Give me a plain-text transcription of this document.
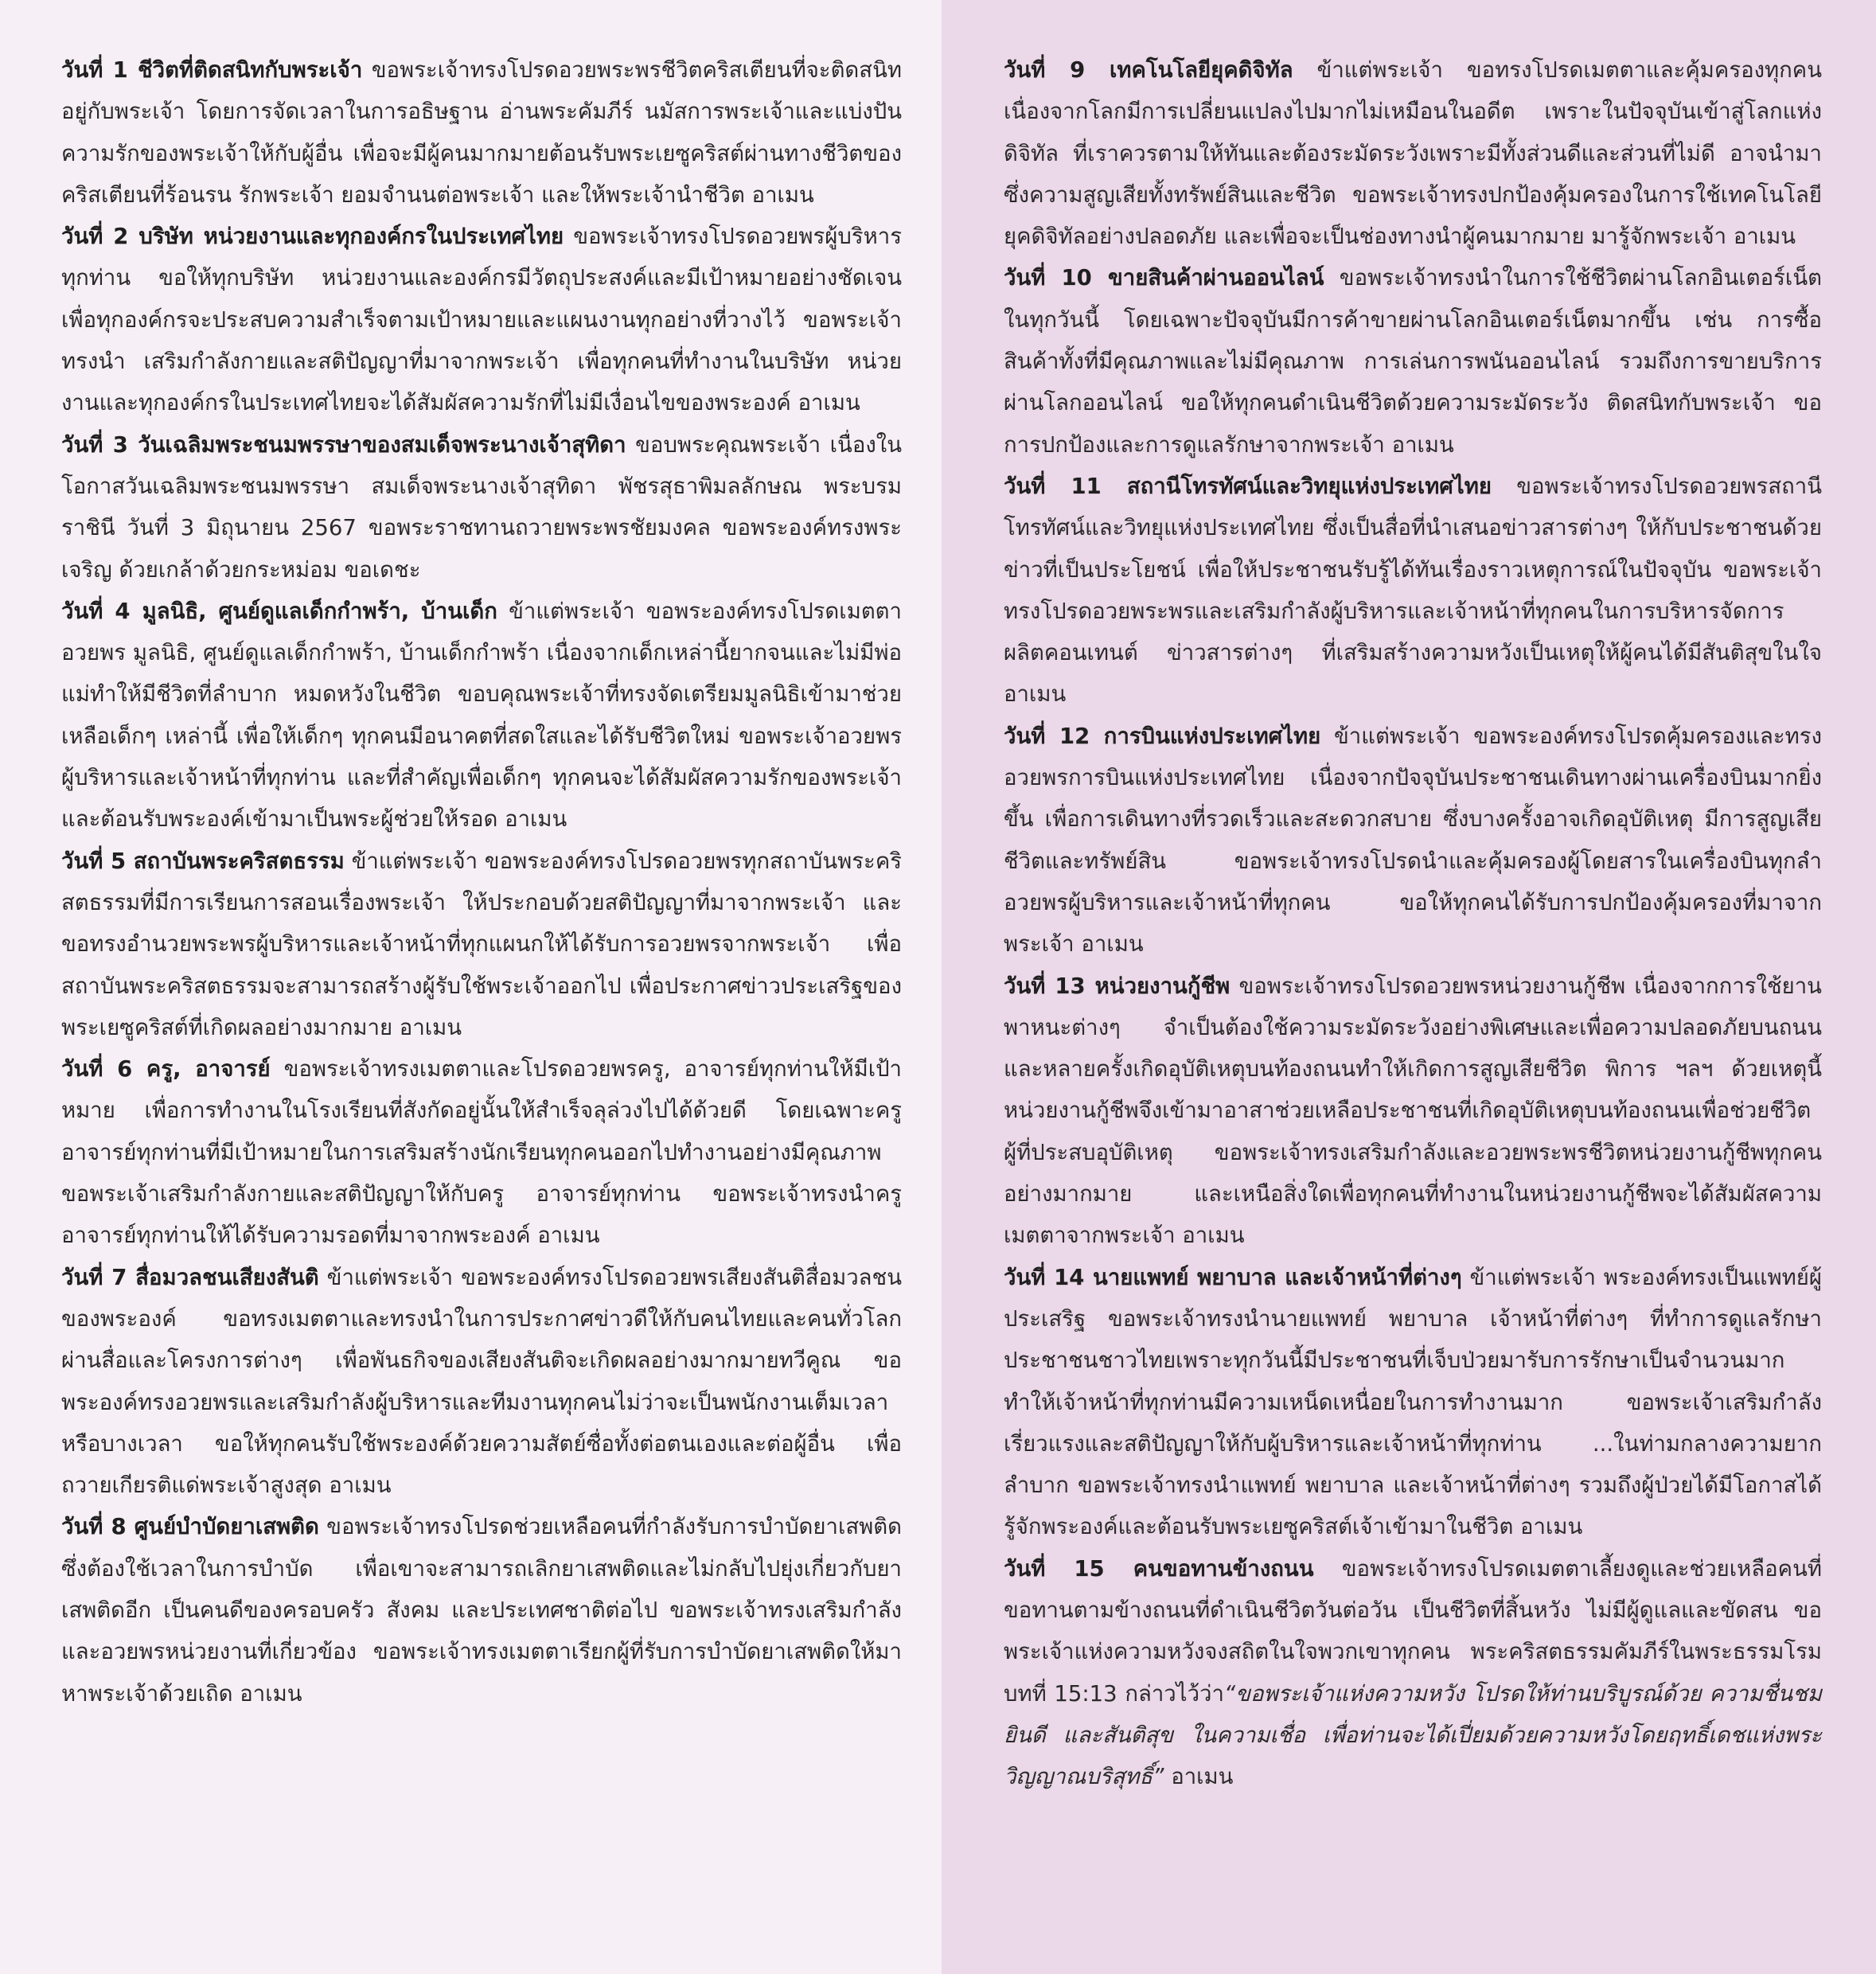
วันที่ 1 ชีวิตที่ติดสนิทกับพระเจ้า ขอพระเจ้าทรงโปรดอวยพระพรชีวิตคริสเตียนที่จะติดสนิทอยู่กับพระเจ้า โดยการจัดเวลาในการอธิษฐาน อ่านพระคัมภีร์ นมัสการพระเจ้าและแบ่งปันความรักของพระเจ้าให้กับผู้อื่น เพื่อจะมีผู้คนมากมายต้อนรับพระเยซูคริสต์ผ่านทางชีวิตของคริสเตียนที่ร้อนรน รักพระเจ้า ยอมจำนนต่อพระเจ้า และให้พระเจ้านำชีวิต อาเมน

วันที่ 2 บริษัท หน่วยงานและทุกองค์กรในประเทศไทย ขอพระเจ้าทรงโปรดอวยพรผู้บริหารทุกท่าน ขอให้ทุกบริษัท หน่วยงานและองค์กรมีวัตถุประสงค์และมีเป้าหมายอย่างชัดเจน เพื่อทุกองค์กรจะประสบความสำเร็จตามเป้าหมายและแผนงานทุกอย่างที่วางไว้ ขอพระเจ้าทรงนำ เสริมกำลังกายและสติปัญญาที่มาจากพระเจ้า เพื่อทุกคนที่ทำงานในบริษัท หน่วยงานและทุกองค์กรในประเทศไทยจะได้สัมผัสความรักที่ไม่มีเงื่อนไขของพระองค์ อาเมน

วันที่ 3 วันเฉลิมพระชนมพรรษาของสมเด็จพระนางเจ้าสุทิดา ขอบพระคุณพระเจ้า เนื่องในโอกาสวันเฉลิมพระชนมพรรษา สมเด็จพระนางเจ้าสุทิดา พัชรสุธาพิมลลักษณ พระบรมราชินี วันที่ 3 มิถุนายน 2567 ขอพระราชทานถวายพระพรชัยมงคล ขอพระองค์ทรงพระเจริญ ด้วยเกล้าด้วยกระหม่อม ขอเดชะ

วันที่ 4 มูลนิธิ, ศูนย์ดูแลเด็กกำพร้า, บ้านเด็ก ข้าแต่พระเจ้า ขอพระองค์ทรงโปรดเมตตาอวยพร มูลนิธิ, ศูนย์ดูแลเด็กกำพร้า, บ้านเด็กกำพร้า เนื่องจากเด็กเหล่านี้ยากจนและไม่มีพ่อแม่ทำให้มีชีวิตที่ลำบาก หมดหวังในชีวิต ขอบคุณพระเจ้าที่ทรงจัดเตรียมมูลนิธิเข้ามาช่วยเหลือเด็กๆ เหล่านี้ เพื่อให้เด็กๆ ทุกคนมีอนาคตที่สดใสและได้รับชีวิตใหม่ ขอพระเจ้าอวยพรผู้บริหารและเจ้าหน้าที่ทุกท่าน และที่สำคัญเพื่อเด็กๆ ทุกคนจะได้สัมผัสความรักของพระเจ้าและต้อนรับพระองค์เข้ามาเป็นพระผู้ช่วยให้รอด อาเมน

วันที่ 5 สถาบันพระคริสตธรรม ข้าแต่พระเจ้า ขอพระองค์ทรงโปรดอวยพรทุกสถาบันพระคริสตธรรมที่มีการเรียนการสอนเรื่องพระเจ้า ให้ประกอบด้วยสติปัญญาที่มาจากพระเจ้า และขอทรงอำนวยพระพรผู้บริหารและเจ้าหน้าที่ทุกแผนกให้ได้รับการอวยพรจากพระเจ้า เพื่อสถาบันพระคริสตธรรมจะสามารถสร้างผู้รับใช้พระเจ้าออกไป เพื่อประกาศข่าวประเสริฐของพระเยซูคริสต์ที่เกิดผลอย่างมากมาย อาเมน

วันที่ 6 ครู, อาจารย์ ขอพระเจ้าทรงเมตตาและโปรดอวยพรครู, อาจารย์ทุกท่านให้มีเป้าหมาย เพื่อการทำงานในโรงเรียนที่สังกัดอยู่นั้นให้สำเร็จลุล่วงไปได้ด้วยดี โดยเฉพาะครู อาจารย์ทุกท่านที่มีเป้าหมายในการเสริมสร้างนักเรียนทุกคนออกไปทำงานอย่างมีคุณภาพ ขอพระเจ้าเสริมกำลังกายและสติปัญญาให้กับครู อาจารย์ทุกท่าน ขอพระเจ้าทรงนำครู อาจารย์ทุกท่านให้ได้รับความรอดที่มาจากพระองค์ อาเมน

วันที่ 7 สื่อมวลชนเสียงสันติ ข้าแต่พระเจ้า ขอพระองค์ทรงโปรดอวยพรเสียงสันติสื่อมวลชนของพระองค์ ขอทรงเมตตาและทรงนำในการประกาศข่าวดีให้กับคนไทยและคนทั่วโลกผ่านสื่อและโครงการต่างๆ เพื่อพันธกิจของเสียงสันติจะเกิดผลอย่างมากมายทวีคูณ ขอพระองค์ทรงอวยพรและเสริมกำลังผู้บริหารและทีมงานทุกคนไม่ว่าจะเป็นพนักงานเต็มเวลาหรือบางเวลา ขอให้ทุกคนรับใช้พระองค์ด้วยความสัตย์ซื่อทั้งต่อตนเองและต่อผู้อื่น เพื่อถวายเกียรติแด่พระเจ้าสูงสุด อาเมน

วันที่ 8 ศูนย์บำบัดยาเสพติด ขอพระเจ้าทรงโปรดช่วยเหลือคนที่กำลังรับการบำบัดยาเสพติด ซึ่งต้องใช้เวลาในการบำบัด เพื่อเขาจะสามารถเลิกยาเสพติดและไม่กลับไปยุ่งเกี่ยวกับยาเสพติดอีก เป็นคนดีของครอบครัว สังคม และประเทศชาติต่อไป ขอพระเจ้าทรงเสริมกำลังและอวยพรหน่วยงานที่เกี่ยวข้อง ขอพระเจ้าทรงเมตตาเรียกผู้ที่รับการบำบัดยาเสพติดให้มาหาพระเจ้าด้วยเถิด อาเมน

วันที่ 9 เทคโนโลยียุคดิจิทัล ข้าแต่พระเจ้า ขอทรงโปรดเมตตาและคุ้มครองทุกคนเนื่องจากโลกมีการเปลี่ยนแปลงไปมากไม่เหมือนในอดีต เพราะในปัจจุบันเข้าสู่โลกแห่งดิจิทัล ที่เราควรตามให้ทันและต้องระมัดระวังเพราะมีทั้งส่วนดีและส่วนที่ไม่ดี อาจนำมาซึ่งความสูญเสียทั้งทรัพย์สินและชีวิต ขอพระเจ้าทรงปกป้องคุ้มครองในการใช้เทคโนโลยียุคดิจิทัลอย่างปลอดภัย และเพื่อจะเป็นช่องทางนำผู้คนมากมาย มารู้จักพระเจ้า อาเมน

วันที่ 10 ขายสินค้าผ่านออนไลน์ ขอพระเจ้าทรงนำในการใช้ชีวิตผ่านโลกอินเตอร์เน็ตในทุกวันนี้ โดยเฉพาะปัจจุบันมีการค้าขายผ่านโลกอินเตอร์เน็ตมากขึ้น เช่น การซื้อสินค้าทั้งที่มีคุณภาพและไม่มีคุณภาพ การเล่นการพนันออนไลน์ รวมถึงการขายบริการผ่านโลกออนไลน์ ขอให้ทุกคนดำเนินชีวิตด้วยความระมัดระวัง ติดสนิทกับพระเจ้า ขอการปกป้องและการดูแลรักษาจากพระเจ้า อาเมน

วันที่ 11 สถานีโทรทัศน์และวิทยุแห่งประเทศไทย ขอพระเจ้าทรงโปรดอวยพรสถานีโทรทัศน์และวิทยุแห่งประเทศไทย ซึ่งเป็นสื่อที่นำเสนอข่าวสารต่างๆ ให้กับประชาชนด้วยข่าวที่เป็นประโยชน์ เพื่อให้ประชาชนรับรู้ได้ทันเรื่องราวเหตุการณ์ในปัจจุบัน ขอพระเจ้าทรงโปรดอวยพระพรและเสริมกำลังผู้บริหารและเจ้าหน้าที่ทุกคนในการบริหารจัดการ ผลิตคอนเทนต์ ข่าวสารต่างๆ ที่เสริมสร้างความหวังเป็นเหตุให้ผู้คนได้มีสันติสุขในใจ อาเมน

วันที่ 12 การบินแห่งประเทศไทย ข้าแต่พระเจ้า ขอพระองค์ทรงโปรดคุ้มครองและทรงอวยพรการบินแห่งประเทศไทย เนื่องจากปัจจุบันประชาชนเดินทางผ่านเครื่องบินมากยิ่งขึ้น เพื่อการเดินทางที่รวดเร็วและสะดวกสบาย ซึ่งบางครั้งอาจเกิดอุบัติเหตุ มีการสูญเสียชีวิตและทรัพย์สิน ขอพระเจ้าทรงโปรดนำและคุ้มครองผู้โดยสารในเครื่องบินทุกลำ อวยพรผู้บริหารและเจ้าหน้าที่ทุกคน ขอให้ทุกคนได้รับการปกป้องคุ้มครองที่มาจากพระเจ้า อาเมน

วันที่ 13 หน่วยงานกู้ชีพ ขอพระเจ้าทรงโปรดอวยพรหน่วยงานกู้ชีพ เนื่องจากการใช้ยานพาหนะต่างๆ จำเป็นต้องใช้ความระมัดระวังอย่างพิเศษและเพื่อความปลอดภัยบนถนน และหลายครั้งเกิดอุบัติเหตุบนท้องถนนทำให้เกิดการสูญเสียชีวิต พิการ ฯลฯ ด้วยเหตุนี้ หน่วยงานกู้ชีพจึงเข้ามาอาสาช่วยเหลือประชาชนที่เกิดอุบัติเหตุบนท้องถนนเพื่อช่วยชีวิตผู้ที่ประสบอุบัติเหตุ ขอพระเจ้าทรงเสริมกำลังและอวยพระพรชีวิตหน่วยงานกู้ชีพทุกคนอย่างมากมาย และเหนือสิ่งใดเพื่อทุกคนที่ทำงานในหน่วยงานกู้ชีพจะได้สัมผัสความเมตตาจากพระเจ้า อาเมน

วันที่ 14 นายแพทย์ พยาบาล และเจ้าหน้าที่ต่างๆ ข้าแต่พระเจ้า พระองค์ทรงเป็นแพทย์ผู้ประเสริฐ ขอพระเจ้าทรงนำนายแพทย์ พยาบาล เจ้าหน้าที่ต่างๆ ที่ทำการดูแลรักษาประชาชนชาวไทยเพราะทุกวันนี้มีประชาชนที่เจ็บป่วยมารับการรักษาเป็นจำนวนมาก ทำให้เจ้าหน้าที่ทุกท่านมีความเหน็ดเหนื่อยในการทำงานมาก ขอพระเจ้าเสริมกำลังเรี่ยวแรงและสติปัญญาให้กับผู้บริหารและเจ้าหน้าที่ทุกท่าน ...ในท่ามกลางความยากลำบาก ขอพระเจ้าทรงนำแพทย์ พยาบาล และเจ้าหน้าที่ต่างๆ รวมถึงผู้ป่วยได้มีโอกาสได้รู้จักพระองค์และต้อนรับพระเยซูคริสต์เจ้าเข้ามาในชีวิต อาเมน

วันที่ 15 คนขอทานข้างถนน ขอพระเจ้าทรงโปรดเมตตาเลี้ยงดูและช่วยเหลือคนที่ขอทานตามข้างถนนที่ดำเนินชีวิตวันต่อวัน เป็นชีวิตที่สิ้นหวัง ไม่มีผู้ดูแลและขัดสน ขอพระเจ้าแห่งความหวังจงสถิตในใจพวกเขาทุกคน พระคริสตธรรมคัมภีร์ในพระธรรมโรม บทที่ 15:13 กล่าวไว้ว่า“ขอพระเจ้าแห่งความหวัง โปรดให้ท่านบริบูรณ์ด้วย ความชื่นชมยินดี และสันติสุข ในความเชื่อ เพื่อท่านจะได้เปี่ยมด้วยความหวังโดยฤทธิ์เดชแห่งพระวิญญาณบริสุทธิ์” อาเมน
